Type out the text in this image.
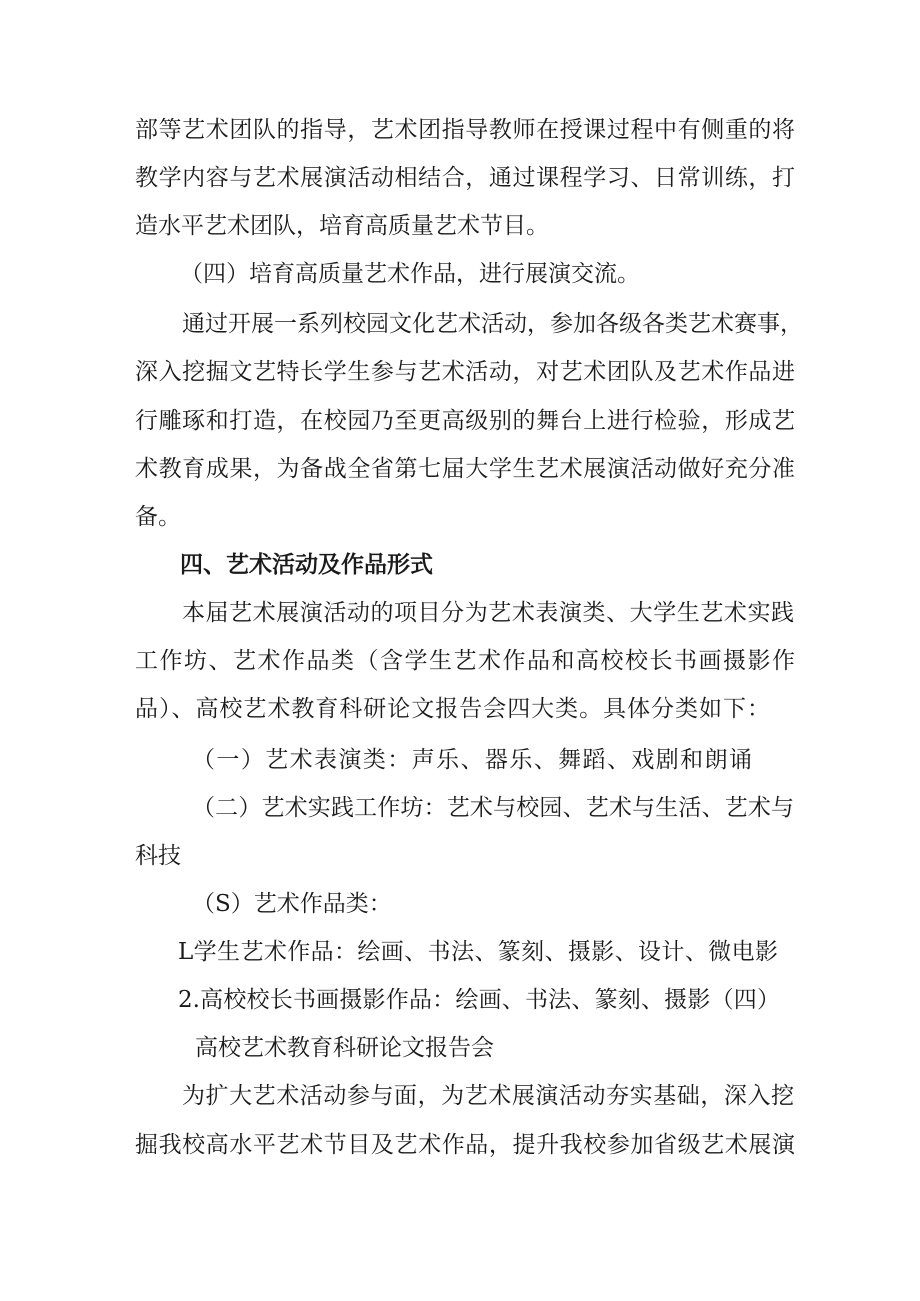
部等艺术团队的指导，艺术团指导教师在授课过程中有侧重的将
教学内容与艺术展演活动相结合，通过课程学习、日常训练，打
造水平艺术团队，培育高质量艺术节目。
（四）培育高质量艺术作品，进行展演交流。
通过开展一系列校园文化艺术活动，参加各级各类艺术赛事，
深入挖掘文艺特长学生参与艺术活动，对艺术团队及艺术作品进
行雕琢和打造，在校园乃至更高级别的舞台上进行检验，形成艺
术教育成果，为备战全省第七届大学生艺术展演活动做好充分准
备。
四、艺术活动及作品形式
本届艺术展演活动的项目分为艺术表演类、大学生艺术实践
工作坊、艺术作品类（含学生艺术作品和高校校长书画摄影作
品）、高校艺术教育科研论文报告会四大类。具体分类如下：
（一）艺术表演类：声乐、器乐、舞蹈、戏剧和朗诵
（二）艺术实践工作坊：艺术与校园、艺术与生活、艺术与
科技
（S）艺术作品类：
L学生艺术作品：绘画、书法、篆刻、摄影、设计、微电影
2.高校校长书画摄影作品：绘画、书法、篆刻、摄影（四）
高校艺术教育科研论文报告会
为扩大艺术活动参与面，为艺术展演活动夯实基础，深入挖
掘我校高水平艺术节目及艺术作品，提升我校参加省级艺术展演
